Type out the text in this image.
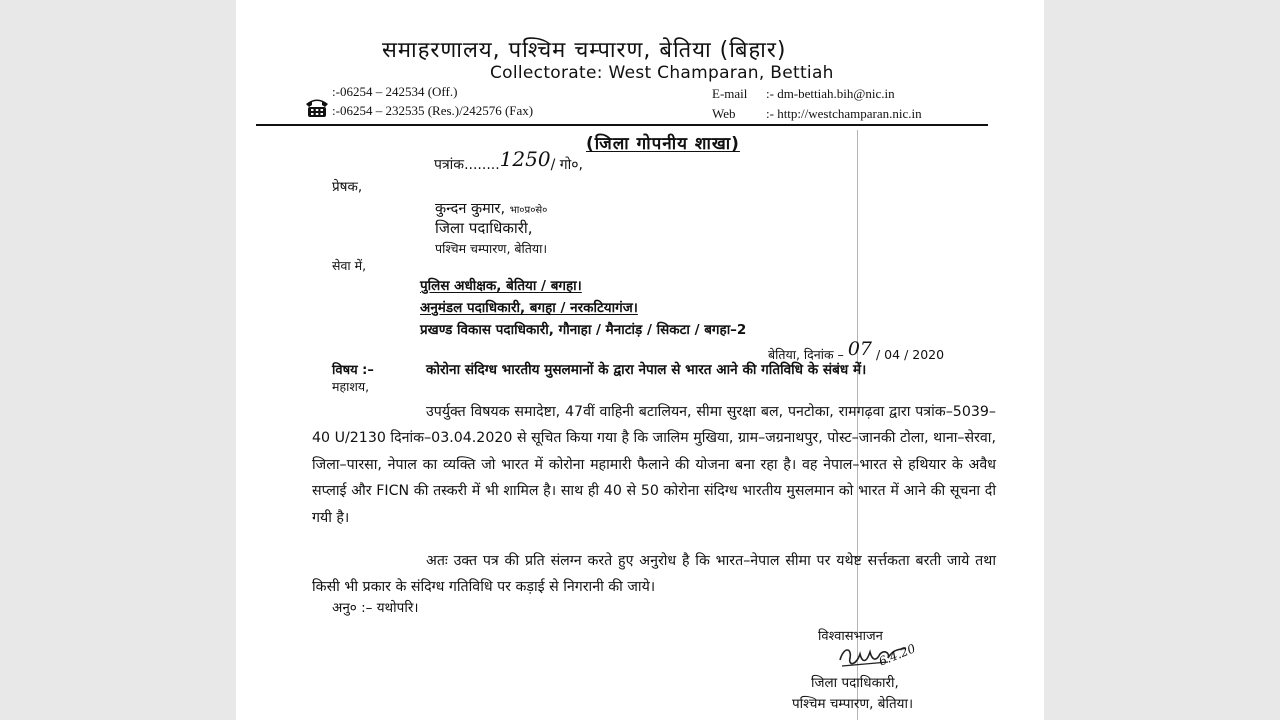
समाहरणालय, पश्चिम चम्पारण, बेतिया (बिहार)
Collectorate: West Champaran, Bettiah
:-06254 – 242534 (Off.)
:-06254 – 232535 (Res.)/242576 (Fax)
E-mail :- dm-bettiah.bih@nic.in
Web :- http://westchamparan.nic.in
(जिला गोपनीय शाखा)
पत्रांक........1250/ गो०,
प्रेषक,
कुन्दन कुमार, भा०प्र०से०
जिला पदाधिकारी,
पश्चिम चम्पारण, बेतिया।
सेवा में,
पुलिस अधीक्षक, बेतिया / बगहा।
अनुमंडल पदाधिकारी, बगहा / नरकटियागंज।
प्रखण्ड विकास पदाधिकारी, गौनाहा / मैनाटांड़ / सिकटा / बगहा–2
बेतिया, दिनांक – 07 / 04 / 2020
विषय :–	कोरोना संदिग्ध भारतीय मुसलमानों के द्वारा नेपाल से भारत आने की गतिविधि के संबंध में।
महाशय,
उपर्युक्त विषयक समादेष्टा, 47वीं वाहिनी बटालियन, सीमा सुरक्षा बल, पनटोका, रामगढ़वा द्वारा पत्रांक–5039–40 U/2130 दिनांक–03.04.2020 से सूचित किया गया है कि जालिम मुखिया, ग्राम–जग्रनाथपुर, पोस्ट–जानकी टोला, थाना–सेरवा, जिला–पारसा, नेपाल का व्यक्ति जो भारत में कोरोना महामारी फैलाने की योजना बना रहा है। वह नेपाल–भारत से हथियार के अवैध सप्लाई और FICN की तस्करी में भी शामिल है। साथ ही 40 से 50 कोरोना संदिग्ध भारतीय मुसलमान को भारत में आने की सूचना दी गयी है।
अतः उक्त पत्र की प्रति संलग्न करते हुए अनुरोध है कि भारत–नेपाल सीमा पर यथेष्ट सर्त्तकता बरती जाये तथा किसी भी प्रकार के संदिग्ध गतिविधि पर कड़ाई से निगरानी की जाये।
अनु० :– यथोपरि।
विश्वासभाजन
6.4.20
जिला पदाधिकारी,
पश्चिम चम्पारण, बेतिया।
